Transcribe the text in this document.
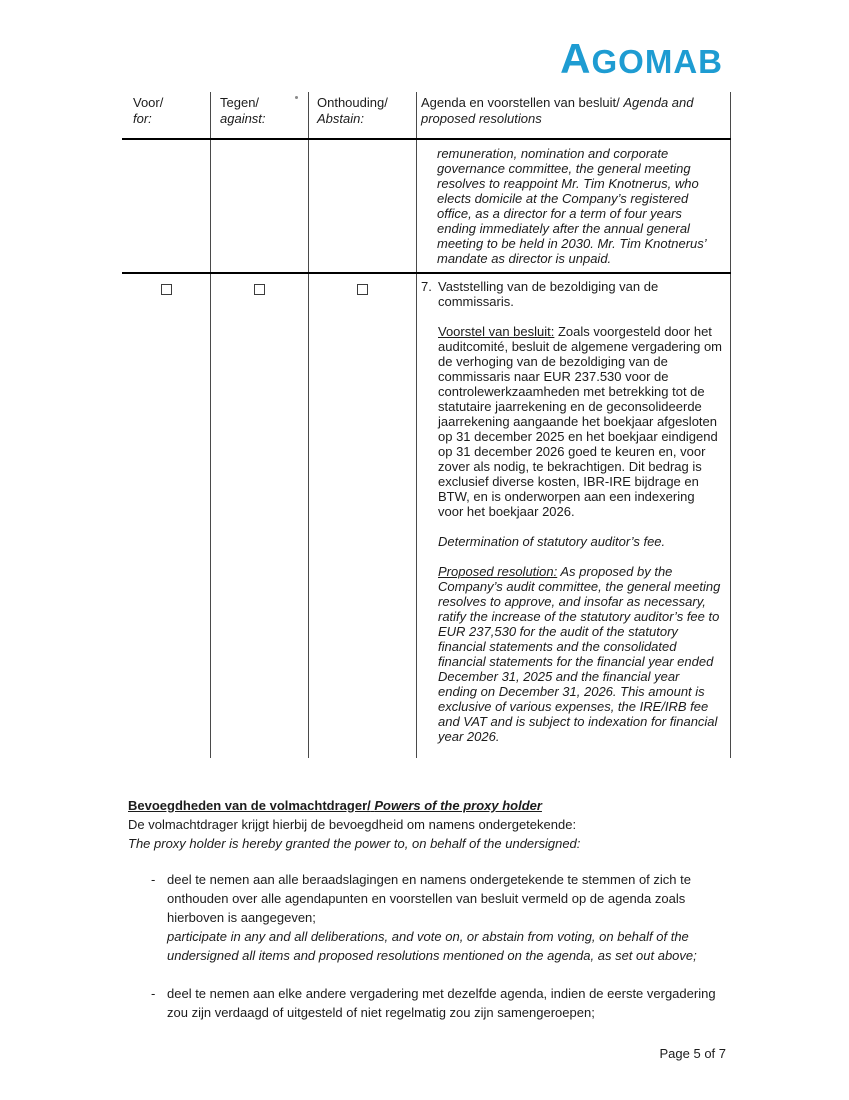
AGOMAB
Voor/
for:
Tegen/
against:
Onthouding/
Abstain:
Agenda en voorstellen van besluit/ Agenda and proposed resolutions
remuneration, nomination and corporate governance committee, the general meeting resolves to reappoint Mr. Tim Knotnerus, who elects domicile at the Company’s registered office, as a director for a term of four years ending immediately after the annual general meeting to be held in 2030. Mr. Tim Knotnerus’ mandate as director is unpaid.
7. Vaststelling van de bezoldiging van de commissaris.
Voorstel van besluit: Zoals voorgesteld door het auditcomité, besluit de algemene vergadering om de verhoging van de bezoldiging van de commissaris naar EUR 237.530 voor de controlewerkzaamheden met betrekking tot de statutaire jaarrekening en de geconsolideerde jaarrekening aangaande het boekjaar afgesloten op 31 december 2025 en het boekjaar eindigend op 31 december 2026 goed te keuren en, voor zover als nodig, te bekrachtigen. Dit bedrag is exclusief diverse kosten, IBR-IRE bijdrage en BTW, en is onderworpen aan een indexering voor het boekjaar 2026.
Determination of statutory auditor’s fee.
Proposed resolution: As proposed by the Company’s audit committee, the general meeting resolves to approve, and insofar as necessary, ratify the increase of the statutory auditor’s fee to EUR 237,530 for the audit of the statutory financial statements and the consolidated financial statements for the financial year ended December 31, 2025 and the financial year ending on December 31, 2026. This amount is exclusive of various expenses, the IRE/IRB fee and VAT and is subject to indexation for financial year 2026.
Bevoegdheden van de volmachtdrager/ Powers of the proxy holder
De volmachtdrager krijgt hierbij de bevoegdheid om namens ondergetekende:
The proxy holder is hereby granted the power to, on behalf of the undersigned:
- deel te nemen aan alle beraadslagingen en namens ondergetekende te stemmen of zich te onthouden over alle agendapunten en voorstellen van besluit vermeld op de agenda zoals hierboven is aangegeven;
participate in any and all deliberations, and vote on, or abstain from voting, on behalf of the undersigned all items and proposed resolutions mentioned on the agenda, as set out above;
- deel te nemen aan elke andere vergadering met dezelfde agenda, indien de eerste vergadering zou zijn verdaagd of uitgesteld of niet regelmatig zou zijn samengeroepen;
Page 5 of 7
